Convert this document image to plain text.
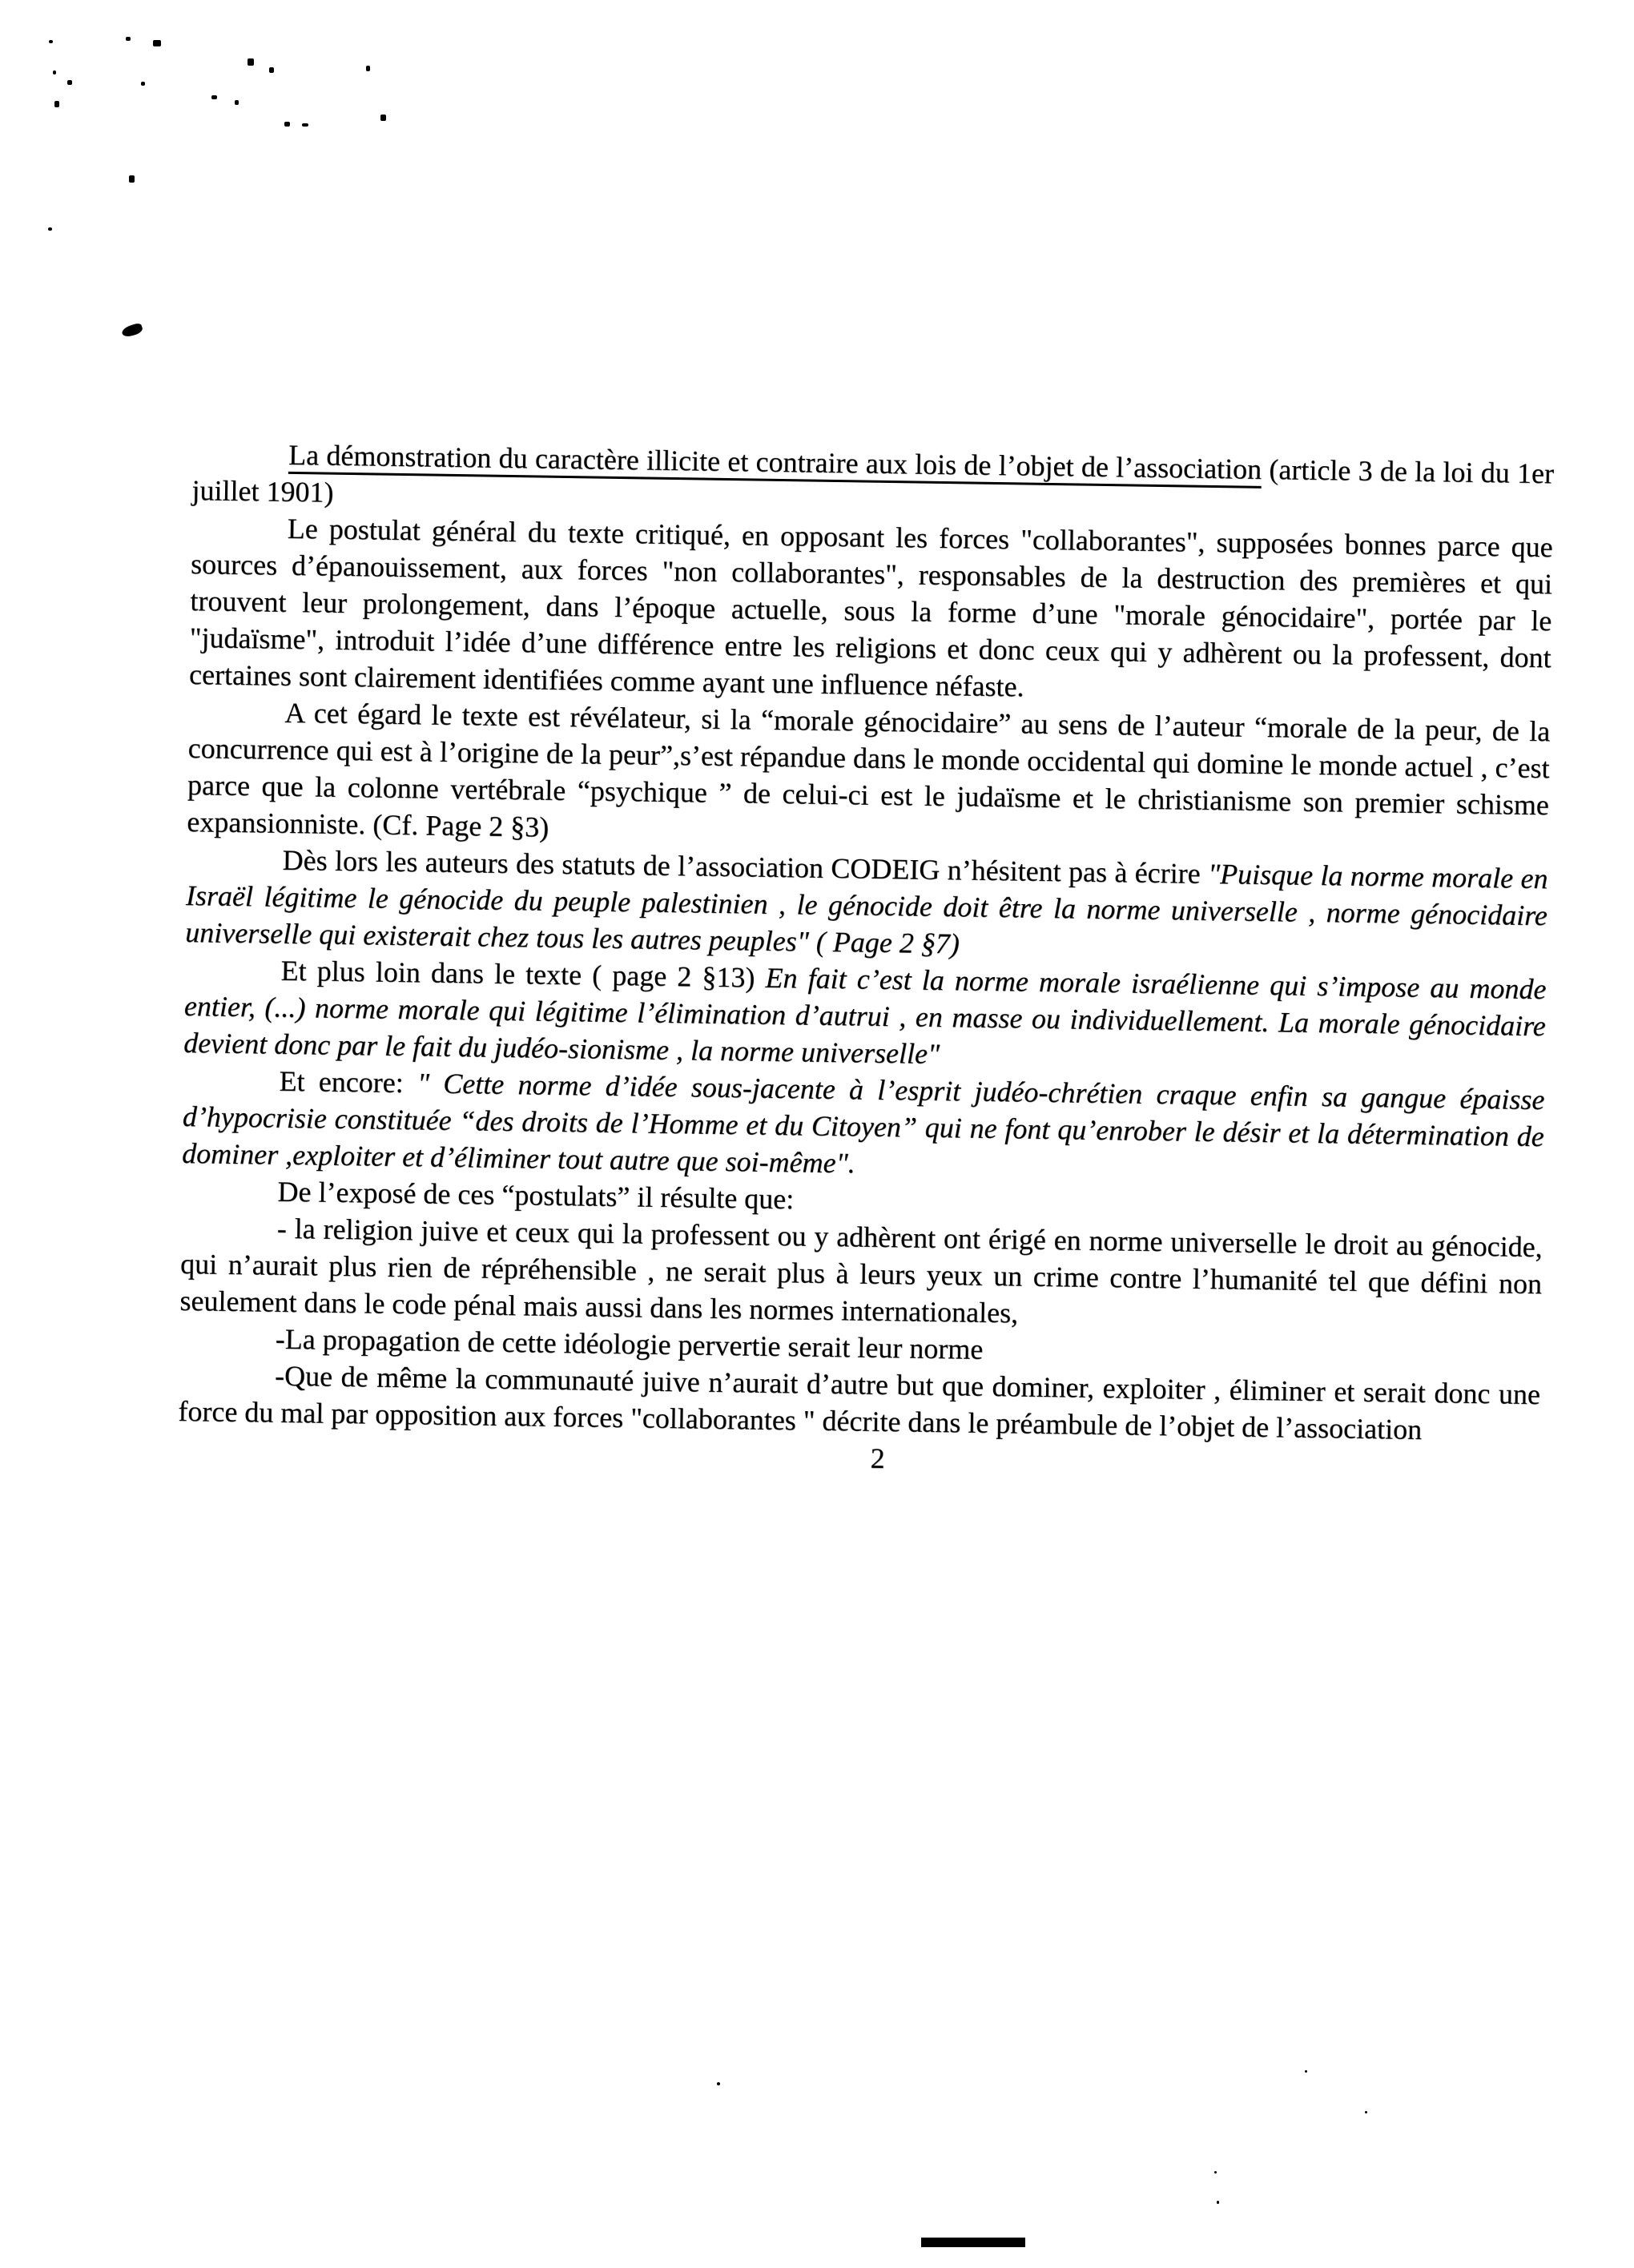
La démonstration du caractère illicite et contraire aux lois de l’objet de l’association (article 3 de la loi du 1er juillet 1901)

Le postulat général du texte critiqué, en opposant les forces "collaborantes", supposées bonnes parce que sources d’épanouissement, aux forces "non collaborantes", responsables de la destruction des premières et qui trouvent leur prolongement, dans l’époque actuelle, sous la forme d’une "morale génocidaire", portée par le "judaïsme", introduit l’idée d’une différence entre les religions et donc ceux qui y adhèrent ou la professent, dont certaines sont clairement identifiées comme ayant une influence néfaste.

A cet égard le texte est révélateur, si la “morale génocidaire” au sens de l’auteur “morale de la peur, de la concurrence qui est à l’origine de la peur”,s’est répandue dans le monde occidental qui domine le monde actuel , c’est parce que la colonne vertébrale “psychique ” de celui-ci est le judaïsme et le christianisme son premier schisme expansionniste. (Cf. Page 2 §3)

Dès lors les auteurs des statuts de l’association CODEIG n’hésitent pas à écrire "Puisque la norme morale en Israël légitime le génocide du peuple palestinien , le génocide doit être la norme universelle , norme génocidaire universelle qui existerait chez tous les autres peuples" ( Page 2 §7)

Et plus loin dans le texte ( page 2 §13) En fait c’est la norme morale israélienne qui s’impose au monde entier, (...) norme morale qui légitime l’élimination d’autrui , en masse ou individuellement. La morale génocidaire devient donc par le fait du judéo-sionisme , la norme universelle"

Et encore: " Cette norme d’idée sous-jacente à l’esprit judéo-chrétien craque enfin sa gangue épaisse d’hypocrisie constituée “des droits de l’Homme et du Citoyen” qui ne font qu’enrober le désir et la détermination de dominer ,exploiter et d’éliminer tout autre que soi-même".

De l’exposé de ces “postulats” il résulte que:

- la religion juive et ceux qui la professent ou y adhèrent ont érigé en norme universelle le droit au génocide, qui n’aurait plus rien de répréhensible , ne serait plus à leurs yeux un crime contre l’humanité tel que défini non seulement dans le code pénal mais aussi dans les normes internationales,

-La propagation de cette idéologie pervertie serait leur norme

-Que de même la communauté juive n’aurait d’autre but que dominer, exploiter , éliminer et serait donc une force du mal par opposition aux forces "collaborantes " décrite dans le préambule de l’objet de l’association

2
